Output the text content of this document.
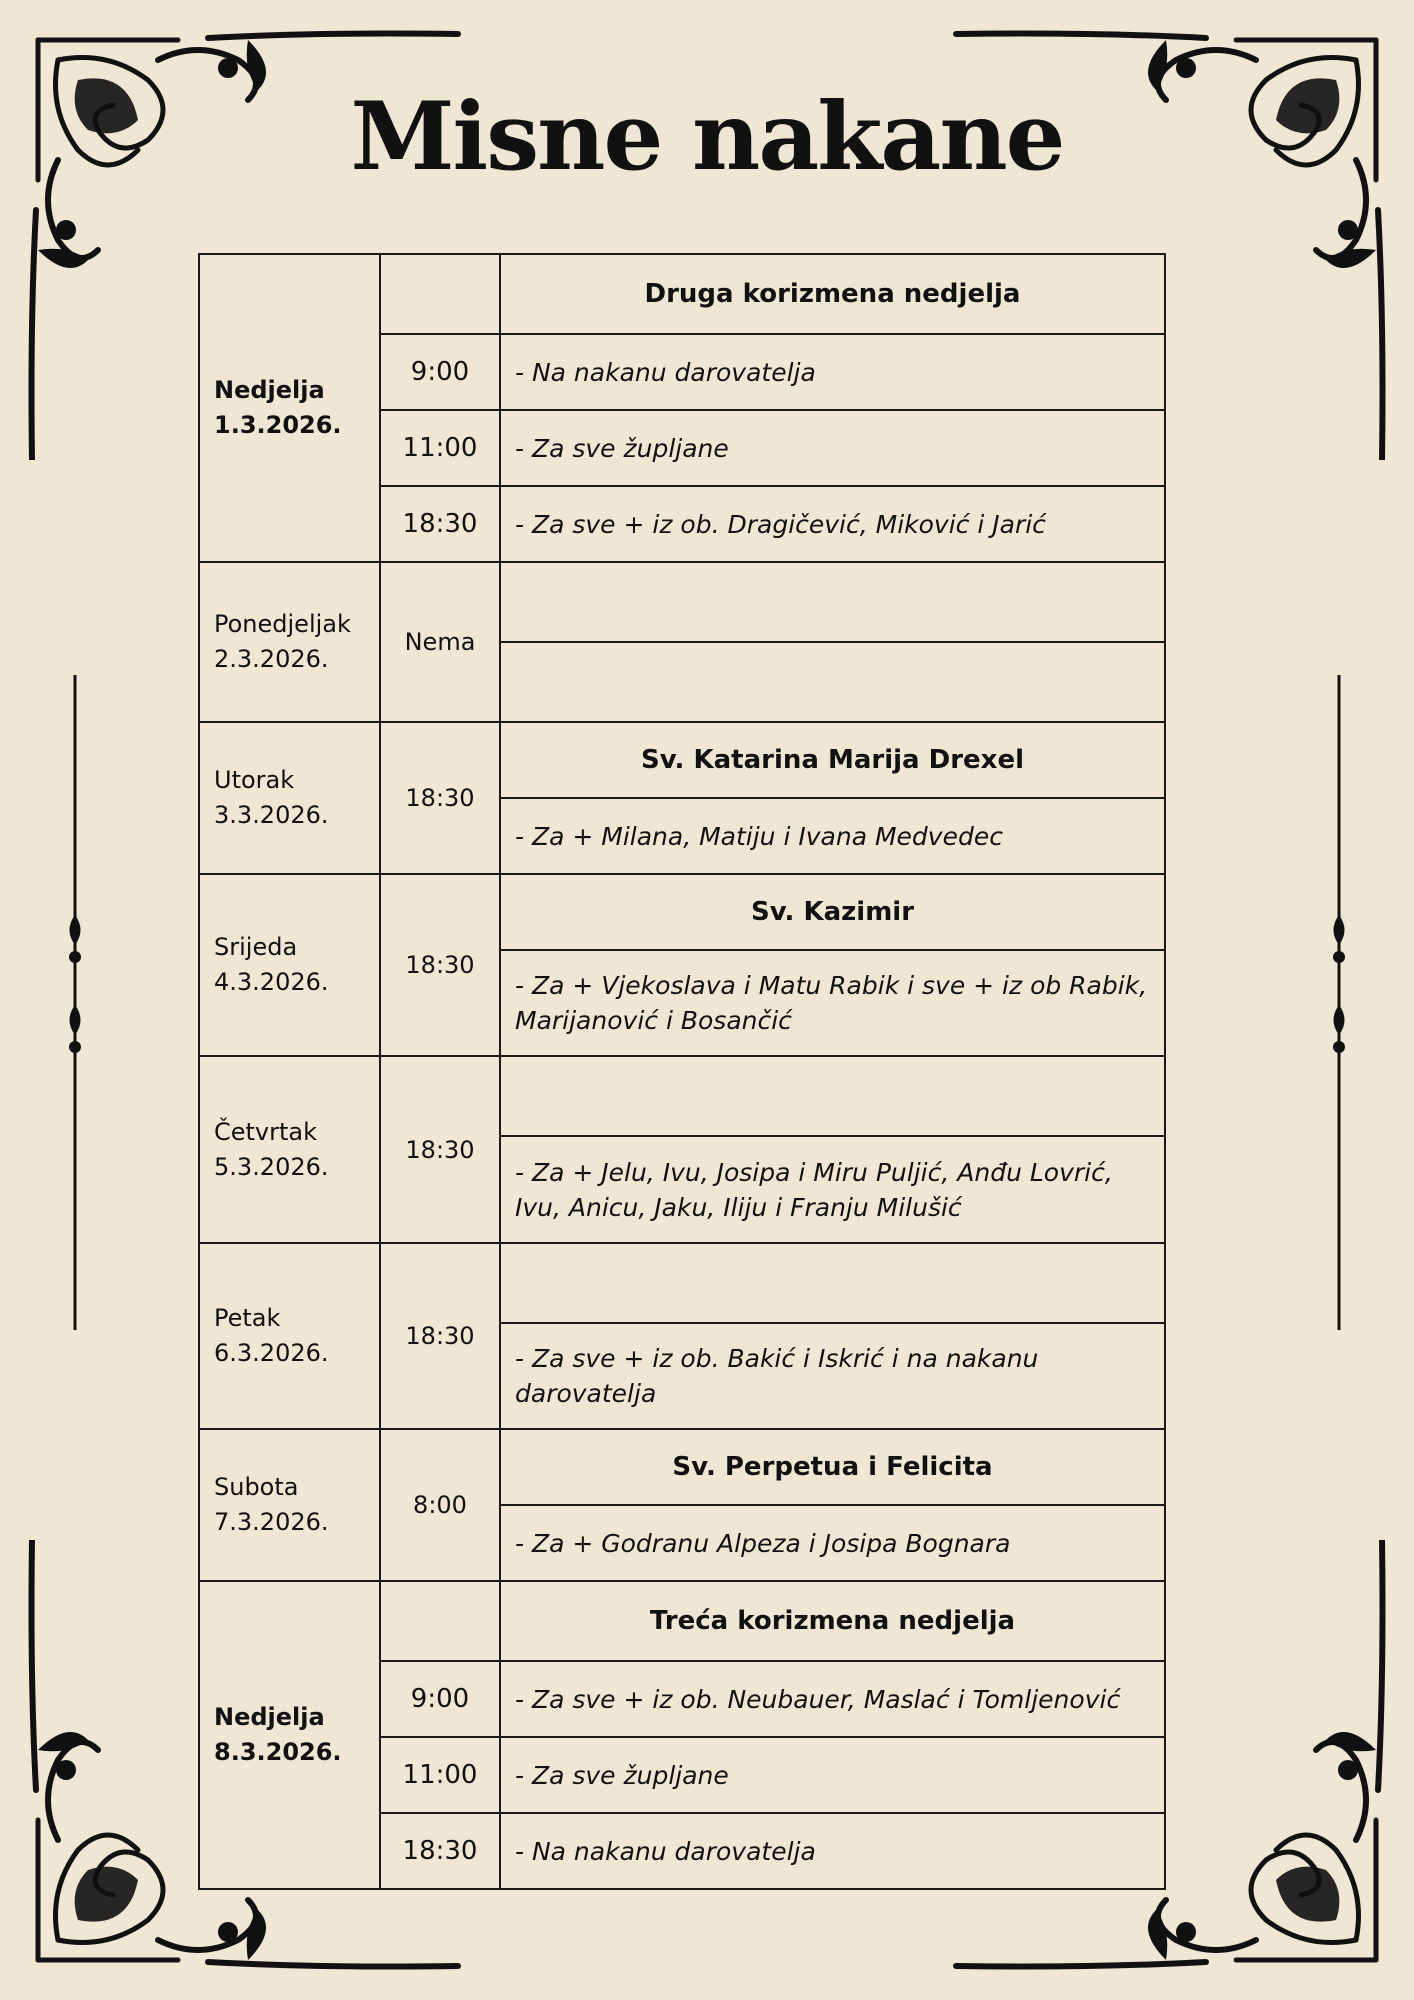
Misne nakane
Nedjelja
1.3.2026.		Druga korizmena nedjelja
	9:00	- Na nakanu darovatelja
	11:00	- Za sve župljane
	18:30	- Za sve + iz ob. Dragičević, Miković i Jarić
Ponedjeljak
2.3.2026.	Nema	

Utorak
3.3.2026.	18:30	Sv. Katarina Marija Drexel
		- Za + Milana, Matiju i Ivana Medvedec
Srijeda
4.3.2026.	18:30	Sv. Kazimir
		- Za + Vjekoslava i Matu Rabik i sve + iz ob Rabik,
Marijanović i Bosančić
Četvrtak
5.3.2026.	18:30	
		- Za + Jelu, Ivu, Josipa i Miru Puljić, Anđu Lovrić,
Ivu, Anicu, Jaku, Iliju i Franju Milušić
Petak
6.3.2026.	18:30	
		- Za sve + iz ob. Bakić i Iskrić i na nakanu
darovatelja
Subota
7.3.2026.	8:00	Sv. Perpetua i Felicita
		- Za + Godranu Alpeza i Josipa Bognara
Nedjelja
8.3.2026.		Treća korizmena nedjelja
	9:00	- Za sve + iz ob. Neubauer, Maslać i Tomljenović
	11:00	- Za sve župljane
	18:30	- Na nakanu darovatelja
